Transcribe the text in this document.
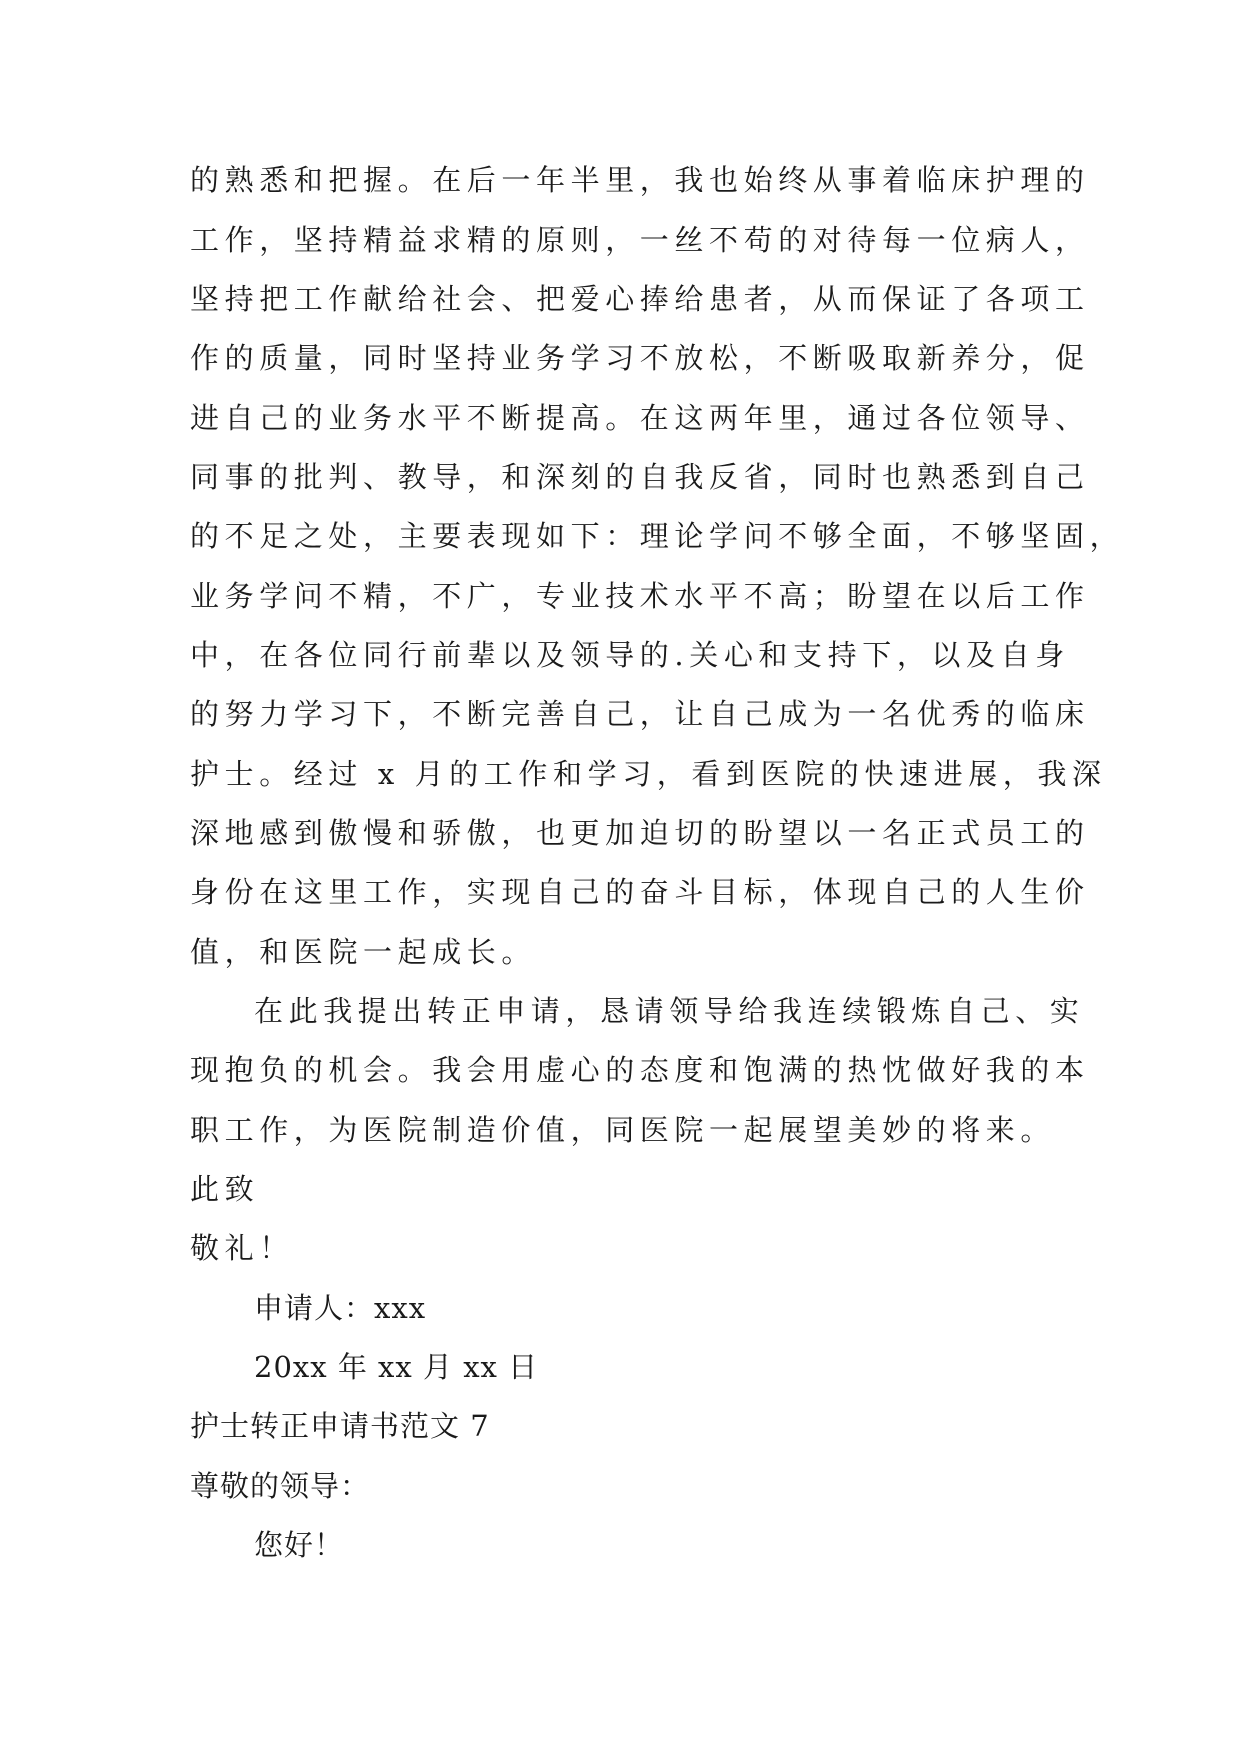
的熟悉和把握。在后一年半里，我也始终从事着临床护理的
工作，坚持精益求精的原则，一丝不苟的对待每一位病人，
坚持把工作献给社会、把爱心捧给患者，从而保证了各项工
作的质量，同时坚持业务学习不放松，不断吸取新养分，促
进自己的业务水平不断提高。在这两年里，通过各位领导、
同事的批判、教导，和深刻的自我反省，同时也熟悉到自己
的不足之处，主要表现如下：理论学问不够全面，不够坚固，
业务学问不精，不广，专业技术水平不高；盼望在以后工作
中，在各位同行前辈以及领导的.关心和支持下，以及自身
的努力学习下，不断完善自己，让自己成为一名优秀的临床
护士。经过 x 月的工作和学习，看到医院的快速进展，我深
深地感到傲慢和骄傲，也更加迫切的盼望以一名正式员工的
身份在这里工作，实现自己的奋斗目标，体现自己的人生价
值，和医院一起成长。
在此我提出转正申请，恳请领导给我连续锻炼自己、实
现抱负的机会。我会用虚心的态度和饱满的热忱做好我的本
职工作，为医院制造价值，同医院一起展望美妙的将来。
此致
敬礼！
申请人：xxx
20xx 年 xx 月 xx 日
护士转正申请书范文 7
尊敬的领导：
您好！
